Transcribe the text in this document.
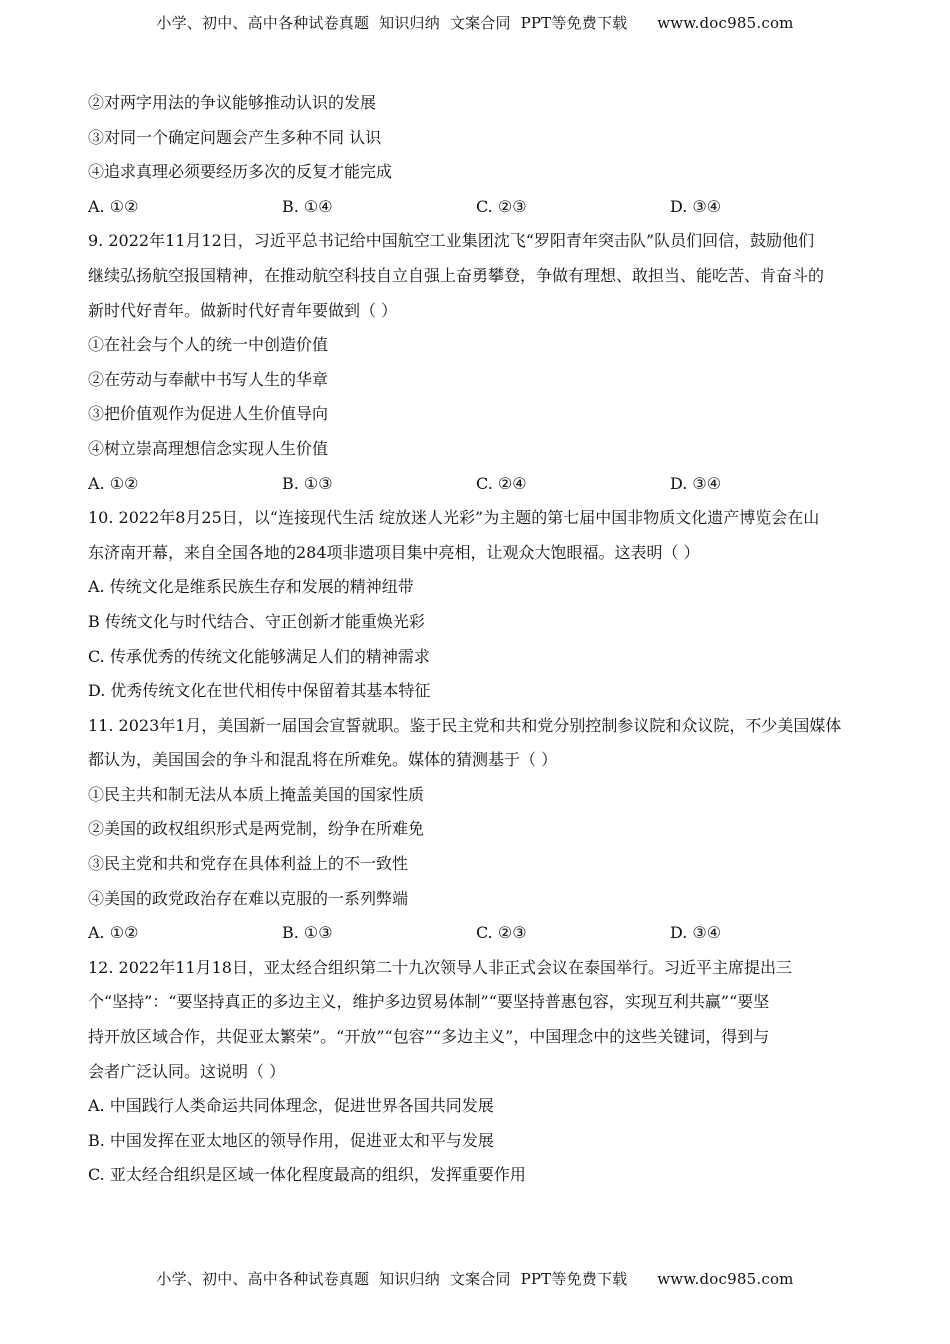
小学、初中、高中各种试卷真题  知识归纳  文案合同  PPT等免费下载      www.doc985.com
②对两字用法的争议能够推动认识的发展
③对同一个确定问题会产生多种不同 认识
④追求真理必须要经历多次的反复才能完成
A. ①②	B. ①④	C. ②③	D. ③④
9. 2022年11月12日，习近平总书记给中国航空工业集团沈飞“罗阳青年突击队”队员们回信，鼓励他们
继续弘扬航空报国精神，在推动航空科技自立自强上奋勇攀登，争做有理想、敢担当、能吃苦、肯奋斗的
新时代好青年。做新时代好青年要做到（ ）
①在社会与个人的统一中创造价值
②在劳动与奉献中书写人生的华章
③把价值观作为促进人生价值导向
④树立崇高理想信念实现人生价值
A. ①②	B. ①③	C. ②④	D. ③④
10. 2022年8月25日，以“连接现代生活 绽放迷人光彩”为主题的第七届中国非物质文化遗产博览会在山
东济南开幕，来自全国各地的284项非遗项目集中亮相，让观众大饱眼福。这表明（ ）
A. 传统文化是维系民族生存和发展的精神纽带
B 传统文化与时代结合、守正创新才能重焕光彩
C. 传承优秀的传统文化能够满足人们的精神需求
D. 优秀传统文化在世代相传中保留着其基本特征
11. 2023年1月，美国新一届国会宣誓就职。鉴于民主党和共和党分别控制参议院和众议院，不少美国媒体
都认为，美国国会的争斗和混乱将在所难免。媒体的猜测基于（ ）
①民主共和制无法从本质上掩盖美国的国家性质
②美国的政权组织形式是两党制，纷争在所难免
③民主党和共和党存在具体利益上的不一致性
④美国的政党政治存在难以克服的一系列弊端
A. ①②	B. ①③	C. ②③	D. ③④
12. 2022年11月18日，亚太经合组织第二十九次领导人非正式会议在泰国举行。习近平主席提出三
个“坚持”：“要坚持真正的多边主义，维护多边贸易体制”“要坚持普惠包容，实现互利共赢”“要坚
持开放区域合作，共促亚太繁荣”。“开放”“包容”“多边主义”，中国理念中的这些关键词，得到与
会者广泛认同。这说明（ ）
A. 中国践行人类命运共同体理念，促进世界各国共同发展
B. 中国发挥在亚太地区的领导作用，促进亚太和平与发展
C. 亚太经合组织是区域一体化程度最高的组织，发挥重要作用
小学、初中、高中各种试卷真题  知识归纳  文案合同  PPT等免费下载      www.doc985.com
